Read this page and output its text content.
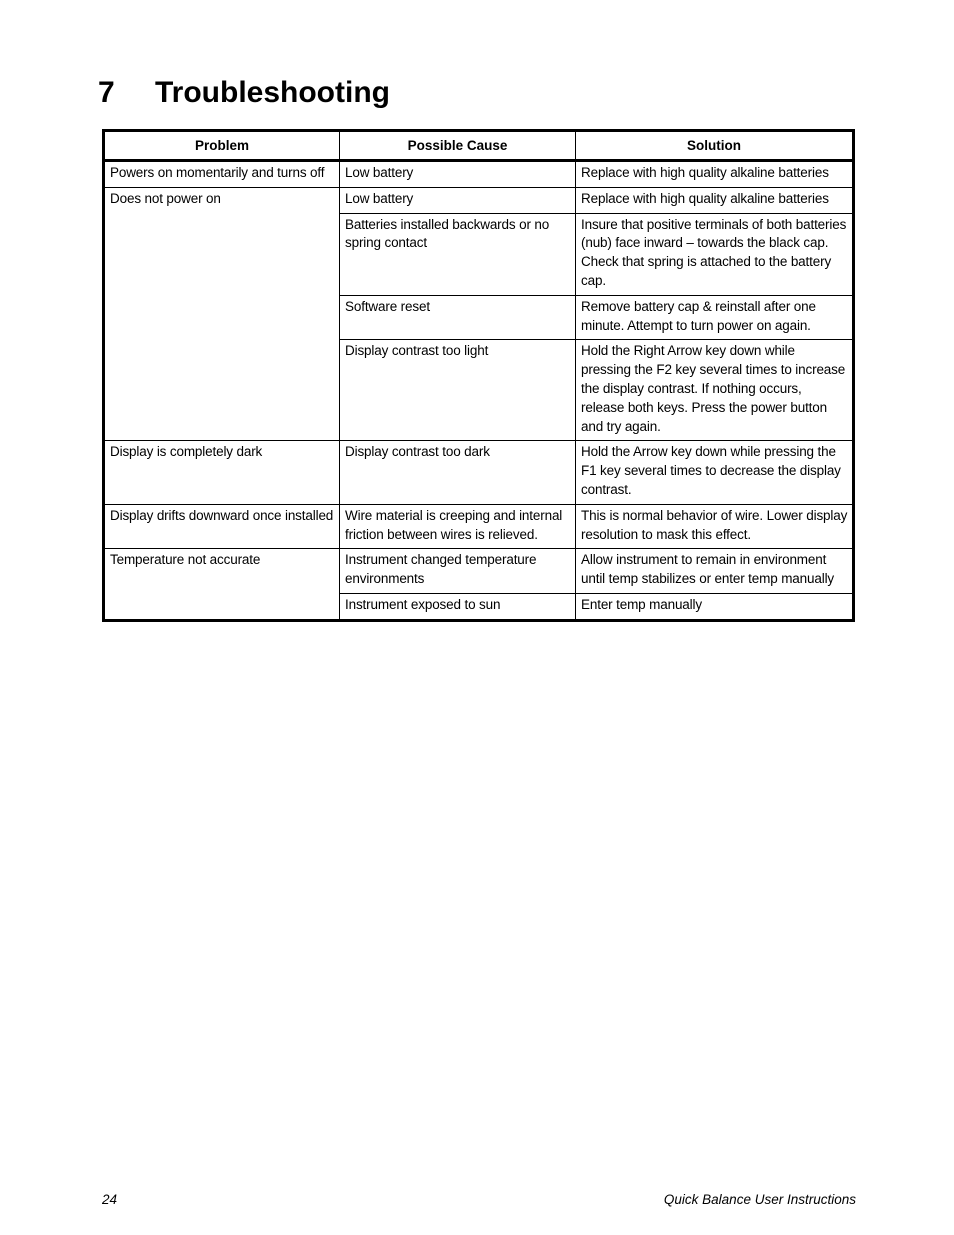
7	Troubleshooting
Problem	Possible Cause	Solution
Powers on momentarily and turns off	Low battery	Replace with high quality alkaline batteries
Does not power on	Low battery	Replace with high quality alkaline batteries
	Batteries installed backwards or no spring contact	Insure that positive terminals of both batteries (nub) face inward – towards the black cap. Check that spring is attached to the battery cap.
	Software reset	Remove battery cap & reinstall after one minute. Attempt to turn power on again.
	Display contrast too light	Hold the Right Arrow key down while pressing the F2 key several times to increase the display contrast. If nothing occurs, release both keys. Press the power button and try again.
Display is completely dark	Display contrast too dark	Hold the Arrow key down while pressing the F1 key several times to decrease the display contrast.
Display drifts downward once installed	Wire material is creeping and internal friction between wires is relieved.	This is normal behavior of wire. Lower display resolution to mask this effect.
Temperature not accurate	Instrument changed temperature environments	Allow instrument to remain in environment until temp stabilizes or enter temp manually
	Instrument exposed to sun	Enter temp manually
24	Quick Balance User Instructions
